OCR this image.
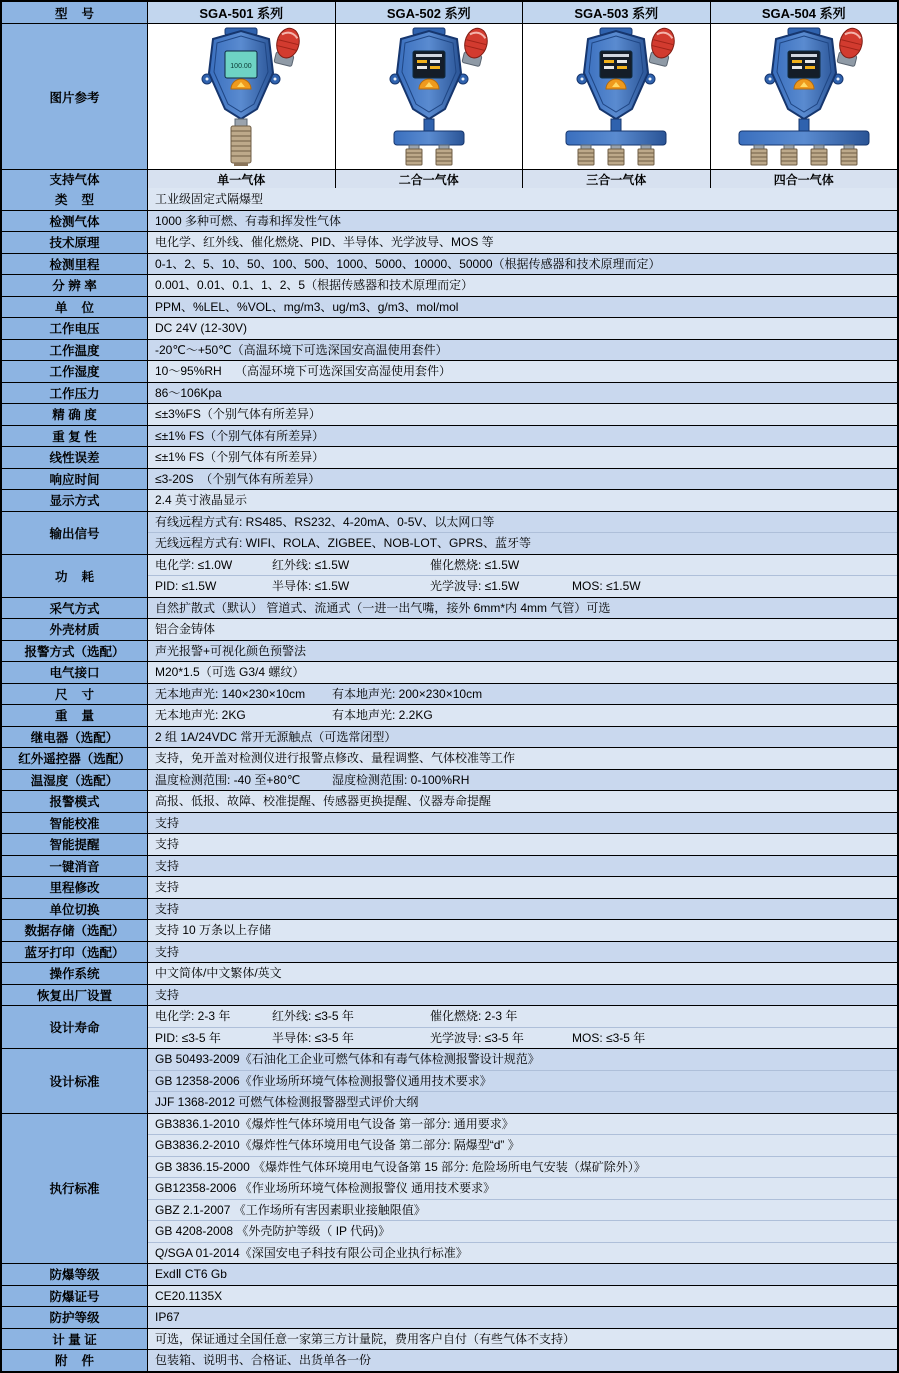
型    号	SGA-501 系列	SGA-502 系列	SGA-503 系列	SGA-504 系列
图片参考
100.00
支持气体	单一气体	二合一气体	三合一气体	四合一气体
类    型	工业级固定式隔爆型
检测气体	1000 多种可燃、有毒和挥发性气体
技术原理	电化学、红外线、催化燃烧、PID、半导体、光学波导、MOS 等
检测里程	0-1、2、5、10、50、100、500、1000、5000、10000、50000（根据传感器和技术原理而定）
分 辨 率	0.001、0.01、0.1、1、2、5（根据传感器和技术原理而定）
单    位	PPM、%LEL、%VOL、mg/m3、ug/m3、g/m3、mol/mol
工作电压	DC 24V (12-30V)
工作温度	-20℃～+50℃（高温环境下可选深国安高温使用套件）
工作湿度	10～95%RH    （高湿环境下可选深国安高湿使用套件）
工作压力	86～106Kpa
精 确 度	≤±3%FS（个别气体有所差异）
重 复 性	≤±1% FS（个别气体有所差异）
线性误差	≤±1% FS（个别气体有所差异）
响应时间	≤3-20S  （个别气体有所差异）
显示方式	2.4 英寸液晶显示
输出信号
有线远程方式有: RS485、RS232、4-20mA、0-5V、以太网口等
无线远程方式有: WIFI、ROLA、ZIGBEE、NOB-LOT、GPRS、蓝牙等
功    耗
电化学: ≤1.0W	红外线: ≤1.5W	催化燃烧: ≤1.5W
PID: ≤1.5W	半导体: ≤1.5W	光学波导: ≤1.5W	MOS: ≤1.5W
采气方式	自然扩散式（默认） 管道式、流通式（一进一出气嘴，接外 6mm*内 4mm 气管）可选
外壳材质	铝合金铸体
报警方式（选配）	声光报警+可视化颜色预警法
电气接口	M20*1.5（可选 G3/4 螺纹）
尺    寸	无本地声光: 140×230×10cm	有本地声光: 200×230×10cm
重    量	无本地声光: 2KG	有本地声光: 2.2KG
继电器（选配）	2 组 1A/24VDC 常开无源触点（可选常闭型）
红外遥控器（选配）	支持，免开盖对检测仪进行报警点修改、量程调整、气体校准等工作
温湿度（选配）	温度检测范围: -40 至+80℃	湿度检测范围: 0-100%RH
报警模式	高报、低报、故障、校准提醒、传感器更换提醒、仪器寿命提醒
智能校准	支持
智能提醒	支持
一键消音	支持
里程修改	支持
单位切换	支持
数据存储（选配）	支持 10 万条以上存储
蓝牙打印（选配）	支持
操作系统	中文简体/中文繁体/英文
恢复出厂设置	支持
设计寿命
电化学: 2-3 年	红外线: ≤3-5 年	催化燃烧: 2-3 年
PID: ≤3-5 年	半导体: ≤3-5 年	光学波导: ≤3-5 年	MOS: ≤3-5 年
设计标准
GB 50493-2009《石油化工企业可燃气体和有毒气体检测报警设计规范》
GB 12358-2006《作业场所环境气体检测报警仪通用技术要求》
JJF 1368-2012 可燃气体检测报警器型式评价大纲
执行标准
GB3836.1-2010《爆炸性气体环境用电气设备 第一部分: 通用要求》
GB3836.2-2010《爆炸性气体环境用电气设备 第二部分: 隔爆型“d” 》
GB 3836.15-2000 《爆炸性气体环境用电气设备第 15 部分: 危险场所电气安装（煤矿除外）》
GB12358-2006 《作业场所环境气体检测报警仪 通用技术要求》
GBZ 2.1-2007 《工作场所有害因素职业接触限值》
GB 4208-2008 《外壳防护等级（ IP 代码)》
Q/SGA 01-2014《深国安电子科技有限公司企业执行标准》
防爆等级	ExdⅡ CT6 Gb
防爆证号	CE20.1135X
防护等级	IP67
计 量 证	可选，保证通过全国任意一家第三方计量院，费用客户自付（有些气体不支持）
附    件	包装箱、说明书、合格证、出货单各一份
